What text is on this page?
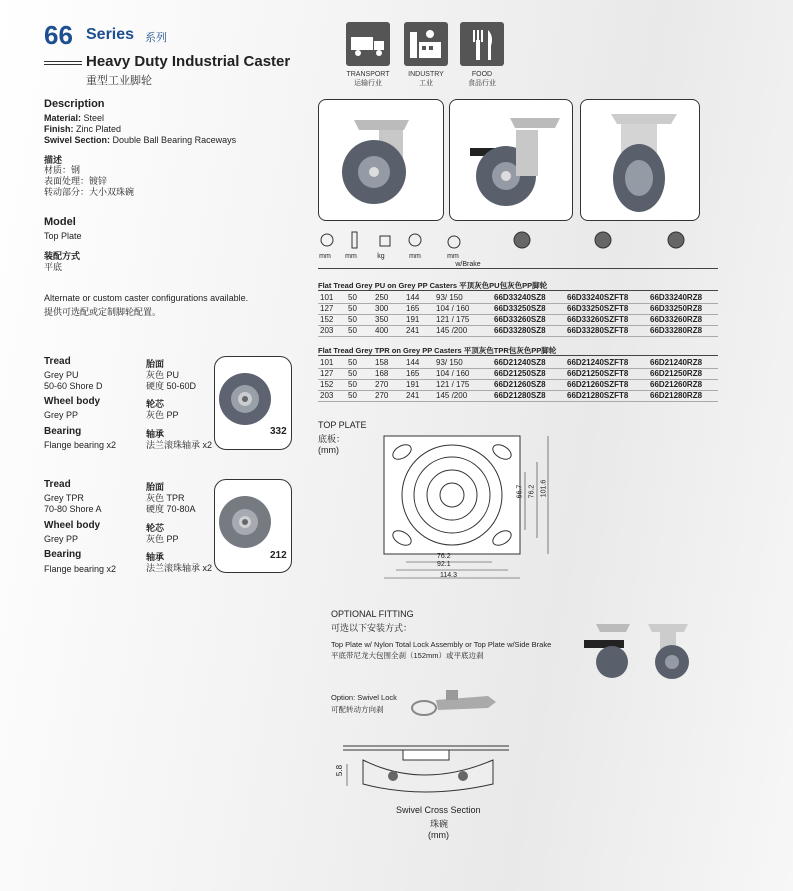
66 Series 系列
Heavy Duty Industrial Caster
重型工业脚轮
TRANSPORT
运输行业
INDUSTRY
工业
FOOD
食品行业
Description
Material: Steel
Finish: Zinc Plated
Swivel Section: Double Ball Bearing Raceways
描述
材质：钢
表面处理：镀锌
转动部分：大小双珠碗
Model
Top Plate
装配方式
平底
Alternate or custom caster configurations available.
提供可选配或定制脚轮配置。
Tread
Grey PU
50-60 Shore D
胎面
灰色 PU
硬度 50-60D
Wheel body
Grey PP
轮芯
灰色 PP
Bearing
Flange bearing x2
轴承
法兰滚珠轴承 x2
332
Tread
Grey TPR
70-80 Shore A
胎面
灰色 TPR
硬度 70-80A
Wheel body
Grey PP
轮芯
灰色 PP
Bearing
Flange bearing x2
轴承
法兰滚珠轴承 x2
212
mm	mm	kg	mm	mm
w/Brake
Flat Tread Grey PU on Grey PP Casters 平顶灰色PU包灰色PP脚轮
101 50 250 144 93/ 150	66D33240SZ8	66D33240SZFT8	66D33240RZ8
127 50 300 165 104 / 160	66D33250SZ8	66D33250SZFT8	66D33250RZ8
152 50 350 191 121 / 175	66D33260SZ8	66D33260SZFT8	66D33260RZ8
203 50 400 241 145 /200	66D33280SZ8	66D33280SZFT8	66D33280RZ8
Flat Tread Grey TPR on Grey PP Casters 平顶灰色TPR包灰色PP脚轮
101 50 158 144 93/ 150	66D21240SZ8	66D21240SZFT8	66D21240RZ8
127 50 168 165 104 / 160	66D21250SZ8	66D21250SZFT8	66D21250RZ8
152 50 270 191 121 / 175	66D21260SZ8	66D21260SZFT8	66D21260RZ8
203 50 270 241 145 /200	66D21280SZ8	66D21280SZFT8	66D21280RZ8
TOP PLATE
底板：
(mm)
76.2
92.1
114.3
66.7 76.2 101.6
OPTIONAL FITTING
可选以下安装方式：
Top Plate w/ Nylon Total Lock Assembly or Top Plate w/Side Brake
平底带尼龙大包围全刹（152mm）或平底边刹
Option: Swivel Lock
可配转动方向刹
5.8
Swivel Cross Section
珠碗
(mm)
